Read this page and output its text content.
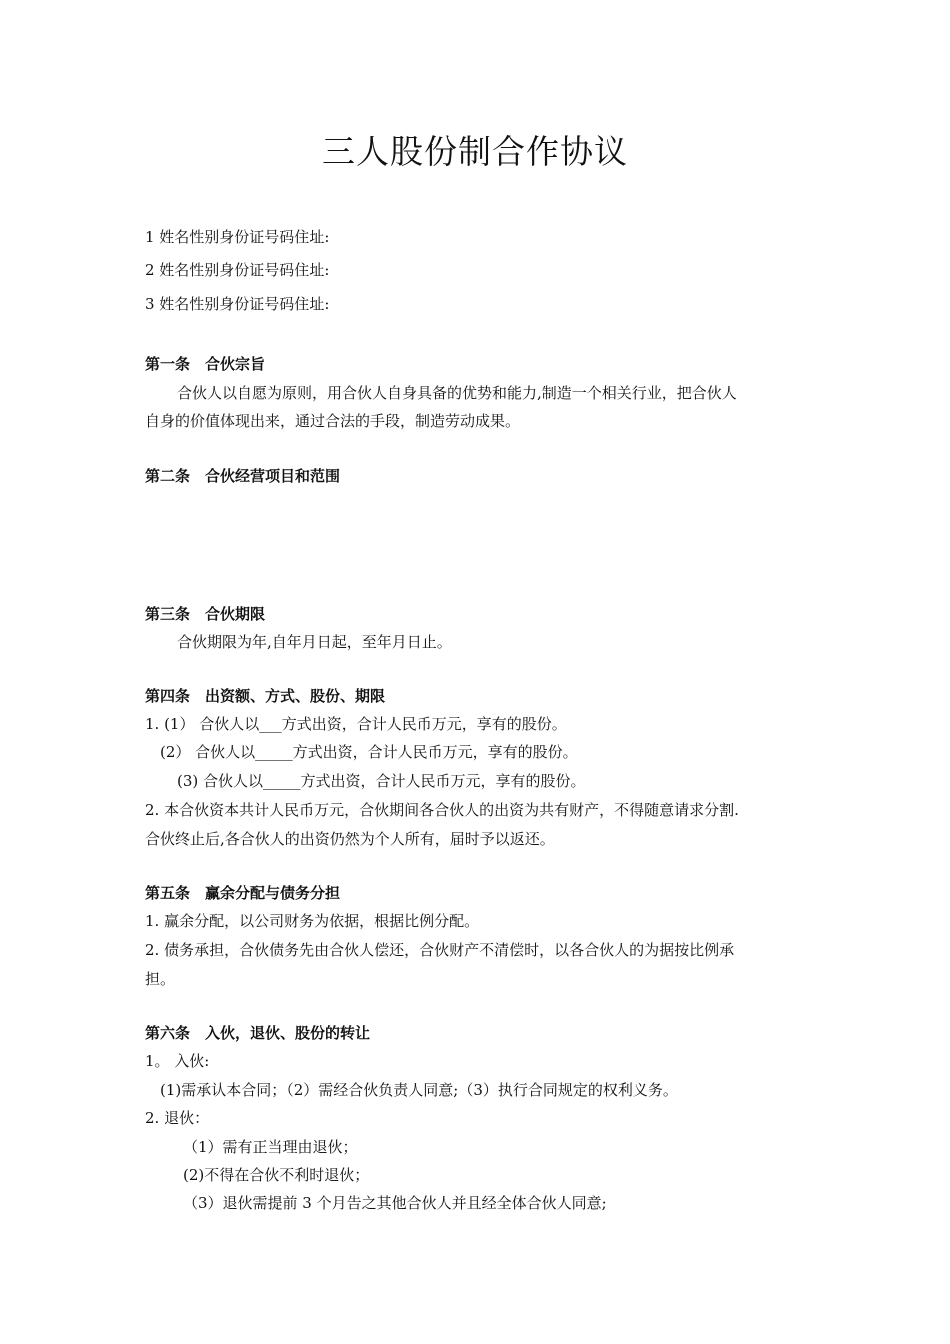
三人股份制合作协议

1 姓名性别身份证号码住址:

2 姓名性别身份证号码住址:

3 姓名性别身份证号码住址:

第一条　合伙宗旨

合伙人以自愿为原则，用合伙人自身具备的优势和能力,制造一个相关行业，把合伙人

自身的价值体现出来，通过合法的手段，制造劳动成果。

第二条　合伙经营项目和范围

第三条　合伙期限

合伙期限为年,自年月日起，至年月日止。

第四条　出资额、方式、股份、期限

1. (1） 合伙人以___方式出资，合计人民币万元，享有的股份。

(2） 合伙人以_____方式出资，合计人民币万元，享有的股份。

(3) 合伙人以_____方式出资，合计人民币万元，享有的股份。

2. 本合伙资本共计人民币万元，合伙期间各合伙人的出资为共有财产，不得随意请求分割.

合伙终止后,各合伙人的出资仍然为个人所有，届时予以返还。

第五条　赢余分配与债务分担

1. 赢余分配，以公司财务为依据，根据比例分配。

2. 债务承担，合伙债务先由合伙人偿还，合伙财产不清偿时，以各合伙人的为据按比例承

担。

第六条　入伙，退伙、股份的转让

1。 入伙:

(1)需承认本合同；（2）需经合伙负责人同意;（3）执行合同规定的权利义务。

2. 退伙：

（1）需有正当理由退伙；

(2)不得在合伙不利时退伙；

（3）退伙需提前 3 个月告之其他合伙人并且经全体合伙人同意;
